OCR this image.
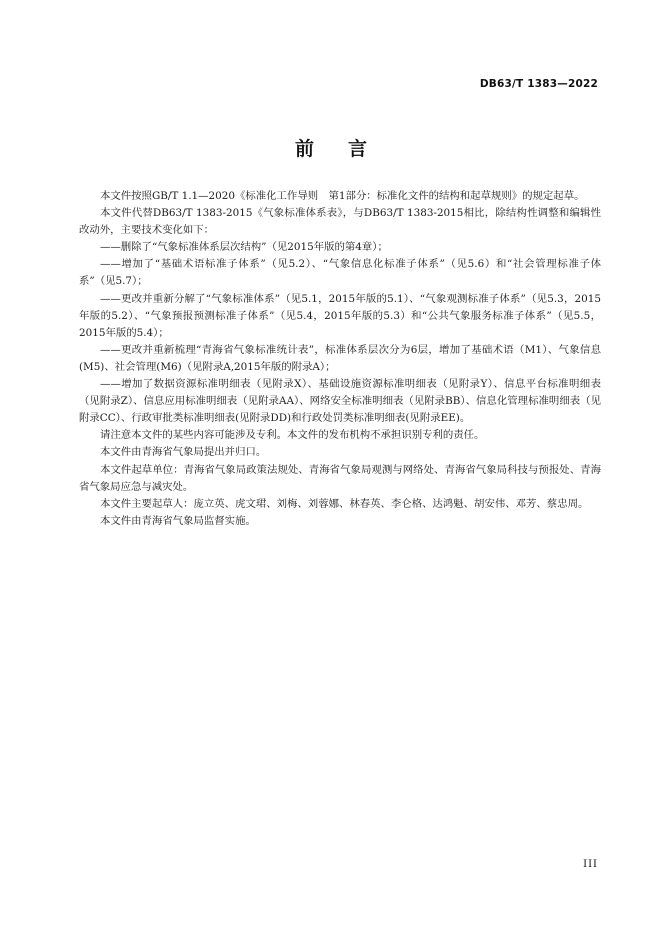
DB63/T 1383—2022
前 言

本文件按照GB/T 1.1—2020《标准化工作导则　第1部分：标准化文件的结构和起草规则》的规定起草。

本文件代替DB63/T 1383-2015《气象标准体系表》，与DB63/T 1383-2015相比，除结构性调整和编辑性改动外，主要技术变化如下：

——删除了“气象标准体系层次结构”（见2015年版的第4章）；

——增加了“基础术语标准子体系”（见5.2）、“气象信息化标准子体系”（见5.6）和“社会管理标准子体系”（见5.7）；

——更改并重新分解了“气象标准体系”（见5.1，2015年版的5.1）、“气象观测标准子体系”（见5.3，2015年版的5.2）、“气象预报预测标准子体系”（见5.4，2015年版的5.3）和“公共气象服务标准子体系”（见5.5，2015年版的5.4）；

——更改并重新梳理“青海省气象标准统计表”，标准体系层次分为6层，增加了基础术语（M1）、气象信息(M5)、社会管理(M6)（见附录A,2015年版的附录A）；

——增加了数据资源标准明细表（见附录X）、基础设施资源标准明细表（见附录Y）、信息平台标准明细表（见附录Z）、信息应用标准明细表（见附录AA）、网络安全标准明细表（见附录BB）、信息化管理标准明细表（见附录CC）、行政审批类标准明细表(见附录DD)和行政处罚类标准明细表(见附录EE)。

请注意本文件的某些内容可能涉及专利。本文件的发布机构不承担识别专利的责任。

本文件由青海省气象局提出并归口。

本文件起草单位：青海省气象局政策法规处、青海省气象局观测与网络处、青海省气象局科技与预报处、青海省气象局应急与减灾处。

本文件主要起草人：庞立英、虎文珺、刘梅、刘蓉娜、林春英、李仑格、达鸿魁、胡安伟、邓芳、蔡忠周。

本文件由青海省气象局监督实施。

III
